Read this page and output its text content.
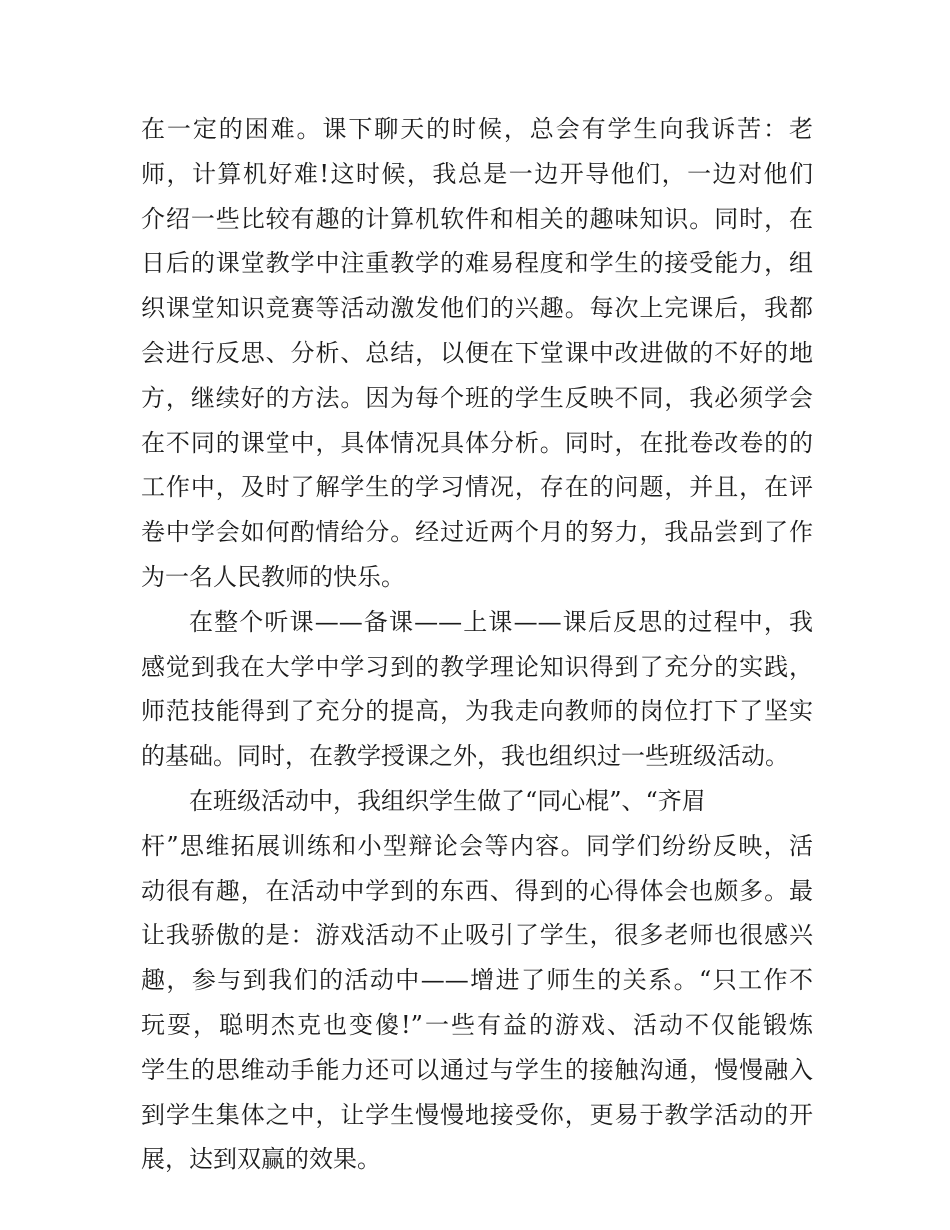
在一定的困难。课下聊天的时候，总会有学生向我诉苦：老
师，计算机好难!这时候，我总是一边开导他们，一边对他们
介绍一些比较有趣的计算机软件和相关的趣味知识。同时，在
日后的课堂教学中注重教学的难易程度和学生的接受能力，组
织课堂知识竞赛等活动激发他们的兴趣。每次上完课后，我都
会进行反思、分析、总结，以便在下堂课中改进做的不好的地
方，继续好的方法。因为每个班的学生反映不同，我必须学会
在不同的课堂中，具体情况具体分析。同时，在批卷改卷的的
工作中，及时了解学生的学习情况，存在的问题，并且，在评
卷中学会如何酌情给分。经过近两个月的努力，我品尝到了作
为一名人民教师的快乐。
在整个听课——备课——上课——课后反思的过程中，我
感觉到我在大学中学习到的教学理论知识得到了充分的实践，
师范技能得到了充分的提高，为我走向教师的岗位打下了坚实
的基础。同时，在教学授课之外，我也组织过一些班级活动。
在班级活动中，我组织学生做了“同心棍”、“齐眉
杆”思维拓展训练和小型辩论会等内容。同学们纷纷反映，活
动很有趣，在活动中学到的东西、得到的心得体会也颇多。最
让我骄傲的是：游戏活动不止吸引了学生，很多老师也很感兴
趣，参与到我们的活动中——增进了师生的关系。“只工作不
玩耍，聪明杰克也变傻!”一些有益的游戏、活动不仅能锻炼
学生的思维动手能力还可以通过与学生的接触沟通，慢慢融入
到学生集体之中，让学生慢慢地接受你，更易于教学活动的开
展，达到双赢的效果。
